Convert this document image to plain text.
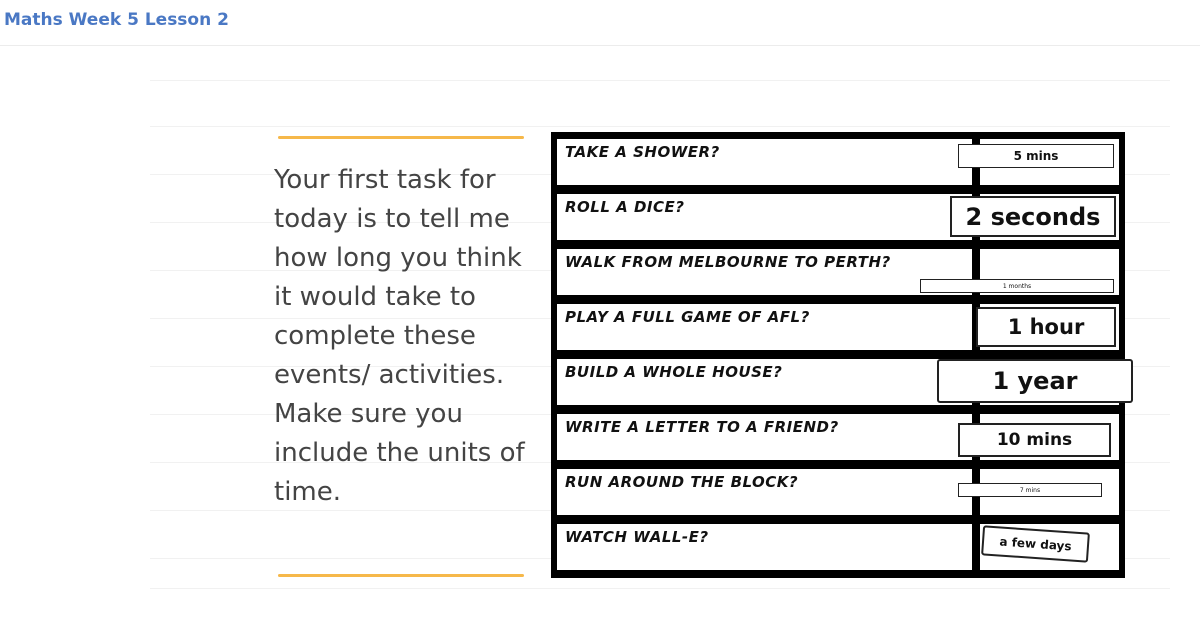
Maths Week 5 Lesson 2

Your first task for today is to tell me how long you think it would take to complete these events/ activities. Make sure you include the units of time.

TAKE A SHOWER?

ROLL A DICE?

WALK FROM MELBOURNE TO PERTH?

PLAY A FULL GAME OF AFL?

BUILD A WHOLE HOUSE?

WRITE A LETTER TO A FRIEND?

RUN AROUND THE BLOCK?

WATCH WALL-E?

5 mins
2 seconds
1 months
1 hour
1 year
10 mins
7 mins
a few days
